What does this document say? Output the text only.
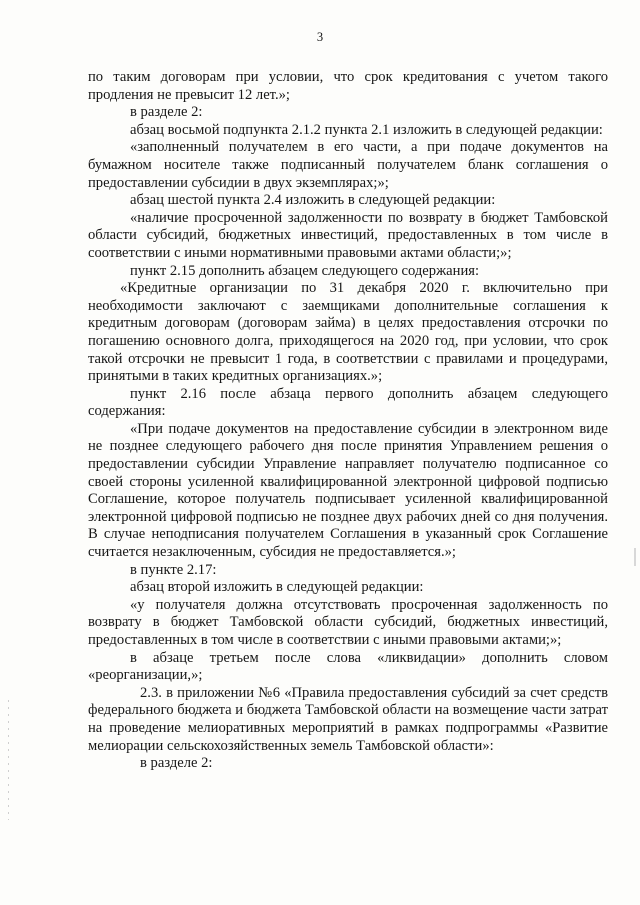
3

по таким договорам при условии, что срок кредитования с учетом такого продления не превысит 12 лет.»;

в разделе 2:

абзац восьмой подпункта 2.1.2 пункта 2.1 изложить в следующей редакции:

«заполненный получателем в его части, а при подаче документов на бумажном носителе также подписанный получателем бланк соглашения о предоставлении субсидии в двух экземплярах;»;

абзац шестой пункта 2.4 изложить в следующей редакции:

«наличие просроченной задолженности по возврату в бюджет Тамбовской области субсидий, бюджетных инвестиций, предоставленных в том числе в соответствии с иными нормативными правовыми актами области;»;

пункт 2.15 дополнить абзацем следующего содержания:

«Кредитные организации по 31 декабря 2020 г. включительно при необходимости заключают с заемщиками дополнительные соглашения к кредитным договорам (договорам займа) в целях предоставления отсрочки по погашению основного долга, приходящегося на 2020 год, при условии, что срок такой отсрочки не превысит 1 года, в соответствии с правилами и процедурами, принятыми в таких кредитных организациях.»;

пункт 2.16 после абзаца первого дополнить абзацем следующего содержания:

«При подаче документов на предоставление субсидии в электронном виде не позднее следующего рабочего дня после принятия Управлением решения о предоставлении субсидии Управление направляет получателю подписанное со своей стороны усиленной квалифицированной электронной цифровой подписью Соглашение, которое получатель подписывает усиленной квалифицированной электронной цифровой подписью не позднее двух рабочих дней со дня получения. В случае неподписания получателем Соглашения в указанный срок Соглашение считается незаключенным, субсидия не предоставляется.»;

в пункте 2.17:

абзац второй изложить в следующей редакции:

«у получателя должна отсутствовать просроченная задолженность по возврату в бюджет Тамбовской области субсидий, бюджетных инвестиций, предоставленных в том числе в соответствии с иными правовыми актами;»;

в абзаце третьем после слова «ликвидации» дополнить словом «реорганизации,»;

2.3. в приложении №6 «Правила предоставления субсидий за счет средств федерального бюджета и бюджета Тамбовской области на возмещение части затрат на проведение мелиоративных мероприятий в рамках подпрограммы «Развитие мелиорации сельскохозяйственных земель Тамбовской области»:

в разделе 2:
